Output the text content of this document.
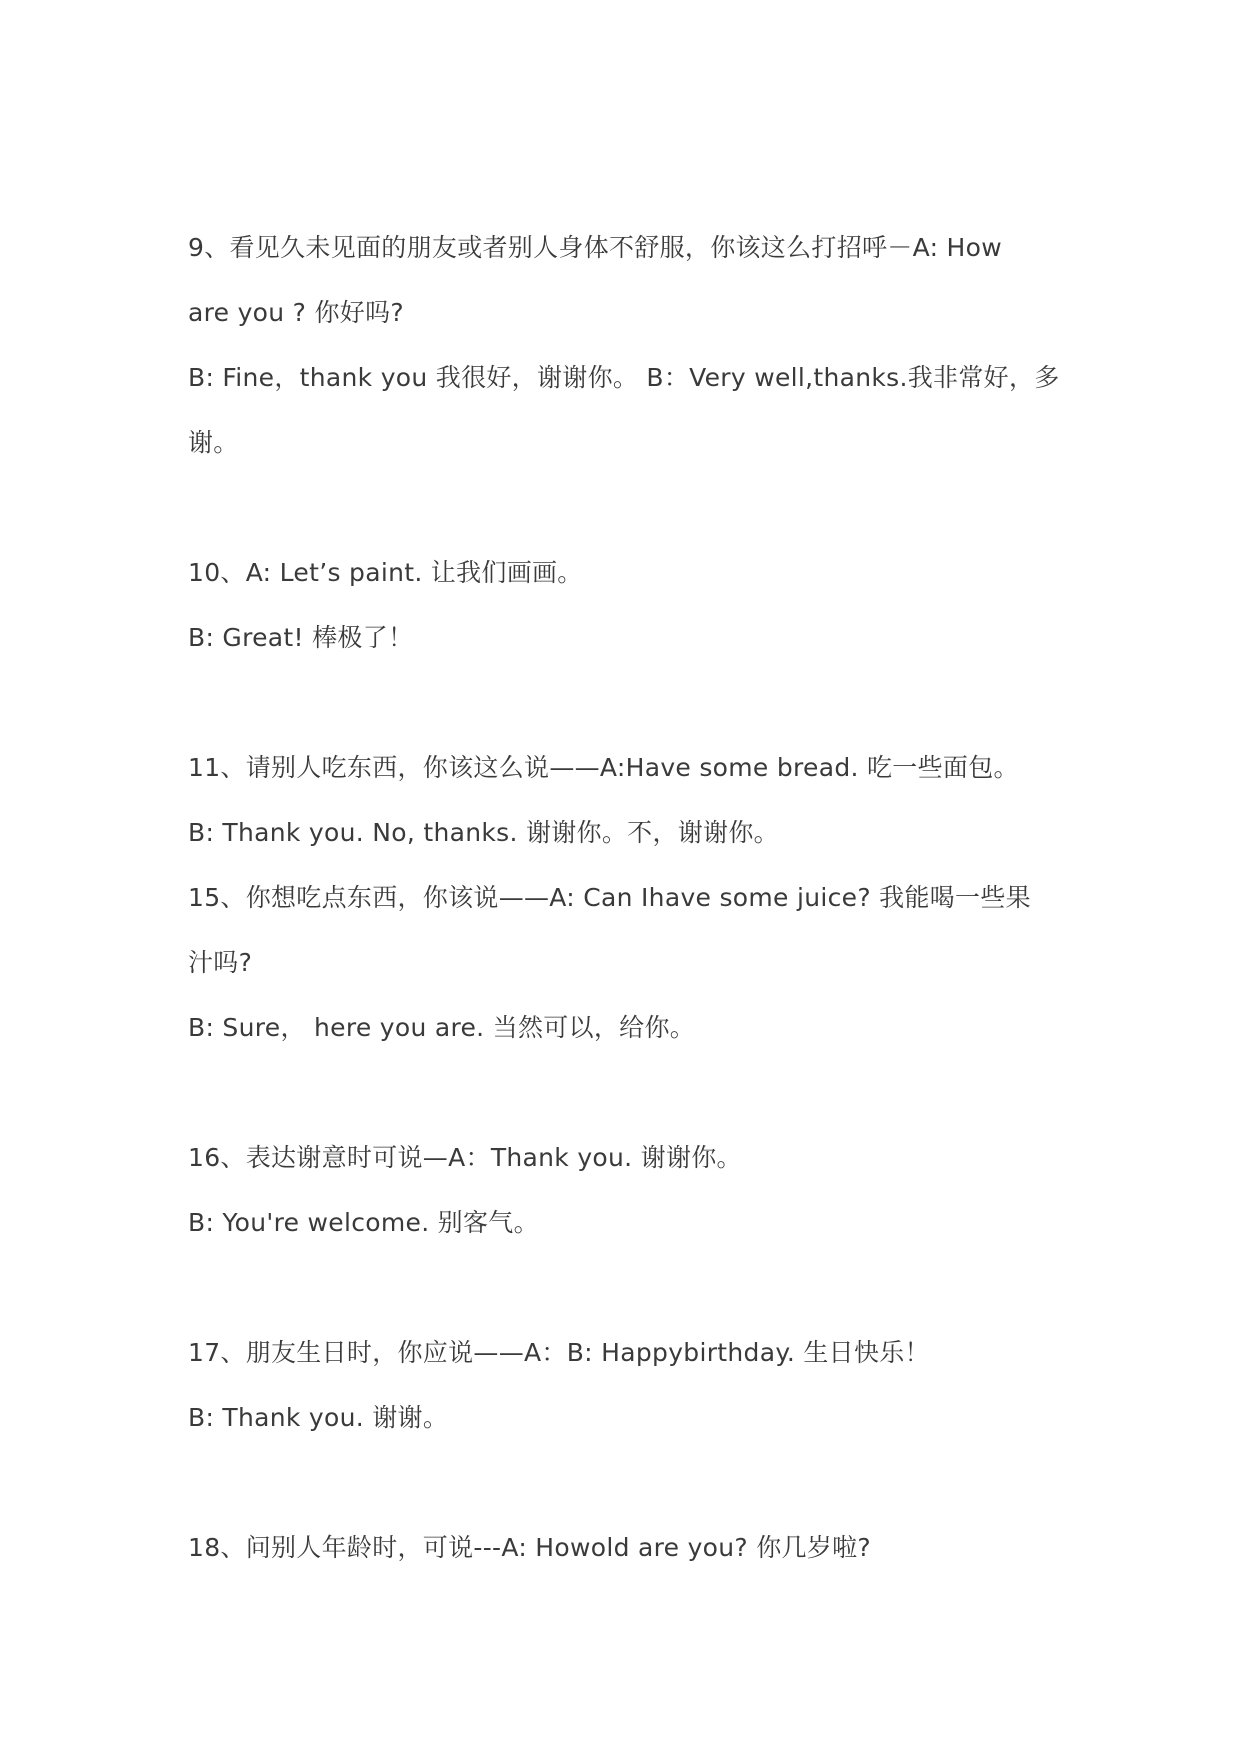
9、看见久未见面的朋友或者别人身体不舒服，你该这么打招呼－A: How
are you ? 你好吗?
B: Fine，thank you 我很好，谢谢你。 B：Very well,thanks.我非常好，多
谢。
10、A: Let’s paint. 让我们画画。
B: Great! 棒极了！
11、请别人吃东西，你该这么说——A:Have some bread. 吃一些面包。
B: Thank you. No, thanks. 谢谢你。不，谢谢你。
15、你想吃点东西，你该说——A: Can Ihave some juice? 我能喝一些果
汁吗?
B: Sure， here you are. 当然可以，给你。
16、表达谢意时可说—A：Thank you. 谢谢你。
B: You're welcome. 别客气。
17、朋友生日时，你应说——A：B: Happybirthday. 生日快乐！
B: Thank you. 谢谢。
18、问别人年龄时，可说---A: Howold are you? 你几岁啦?
